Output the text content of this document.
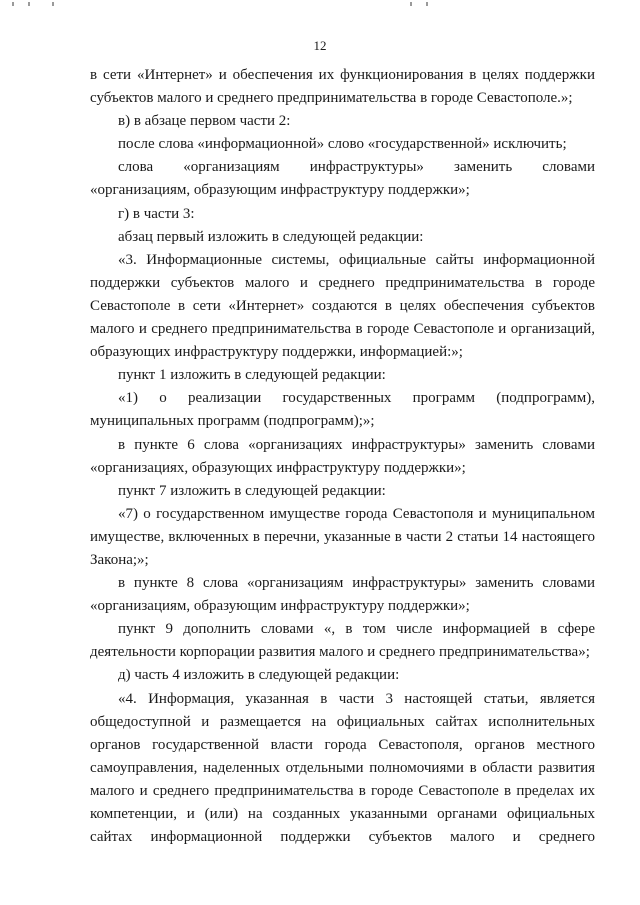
12
в сети «Интернет» и обеспечения их функционирования в целях поддержки
субъектов малого и среднего предпринимательства в городе Севастополе.»;
в) в абзаце первом части 2:
после слова «информационной» слово «государственной» исключить;
слова «организациям инфраструктуры» заменить словами
«организациям, образующим инфраструктуру поддержки»;
г) в части 3:
абзац первый изложить в следующей редакции:
«3. Информационные системы, официальные сайты информационной
поддержки субъектов малого и среднего предпринимательства в городе
Севастополе в сети «Интернет» создаются в целях обеспечения субъектов
малого и среднего предпринимательства в городе Севастополе и организаций,
образующих инфраструктуру поддержки, информацией:»;
пункт 1 изложить в следующей редакции:
«1) о реализации государственных программ (подпрограмм),
муниципальных программ (подпрограмм);»;
в пункте 6 слова «организациях инфраструктуры» заменить словами
«организациях, образующих инфраструктуру поддержки»;
пункт 7 изложить в следующей редакции:
«7) о государственном имуществе города Севастополя и муниципальном
имуществе, включенных в перечни, указанные в части 2 статьи 14 настоящего
Закона;»;
в пункте 8 слова «организациям инфраструктуры» заменить словами
«организациям, образующим инфраструктуру поддержки»;
пункт 9 дополнить словами «, в том числе информацией в сфере
деятельности корпорации развития малого и среднего предпринимательства»;
д) часть 4 изложить в следующей редакции:
«4. Информация, указанная в части 3 настоящей статьи, является
общедоступной и размещается на официальных сайтах исполнительных
органов государственной власти города Севастополя, органов местного
самоуправления, наделенных отдельными полномочиями в области развития
малого и среднего предпринимательства в городе Севастополе в пределах их
компетенции, и (или) на созданных указанными органами официальных
сайтах информационной поддержки субъектов малого и среднего
